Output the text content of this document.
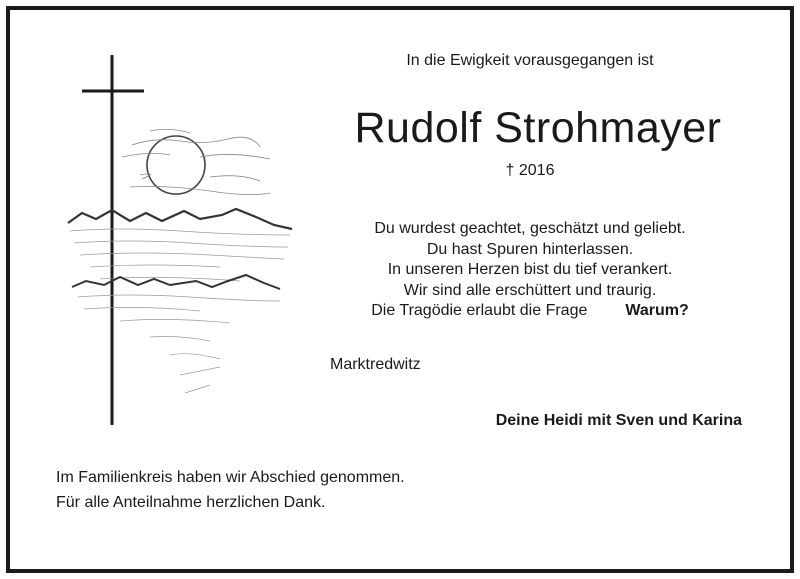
In die Ewigkeit vorausgegangen ist
Rudolf Strohmayer
† 2016
Du wurdest geachtet, geschätzt und geliebt.
Du hast Spuren hinterlassen.
In unseren Herzen bist du tief verankert.
Wir sind alle erschüttert und traurig.
Die Tragödie erlaubt die Frage Warum?
Marktredwitz
Deine Heidi mit Sven und Karina
Im Familienkreis haben wir Abschied genommen.
Für alle Anteilnahme herzlichen Dank.
